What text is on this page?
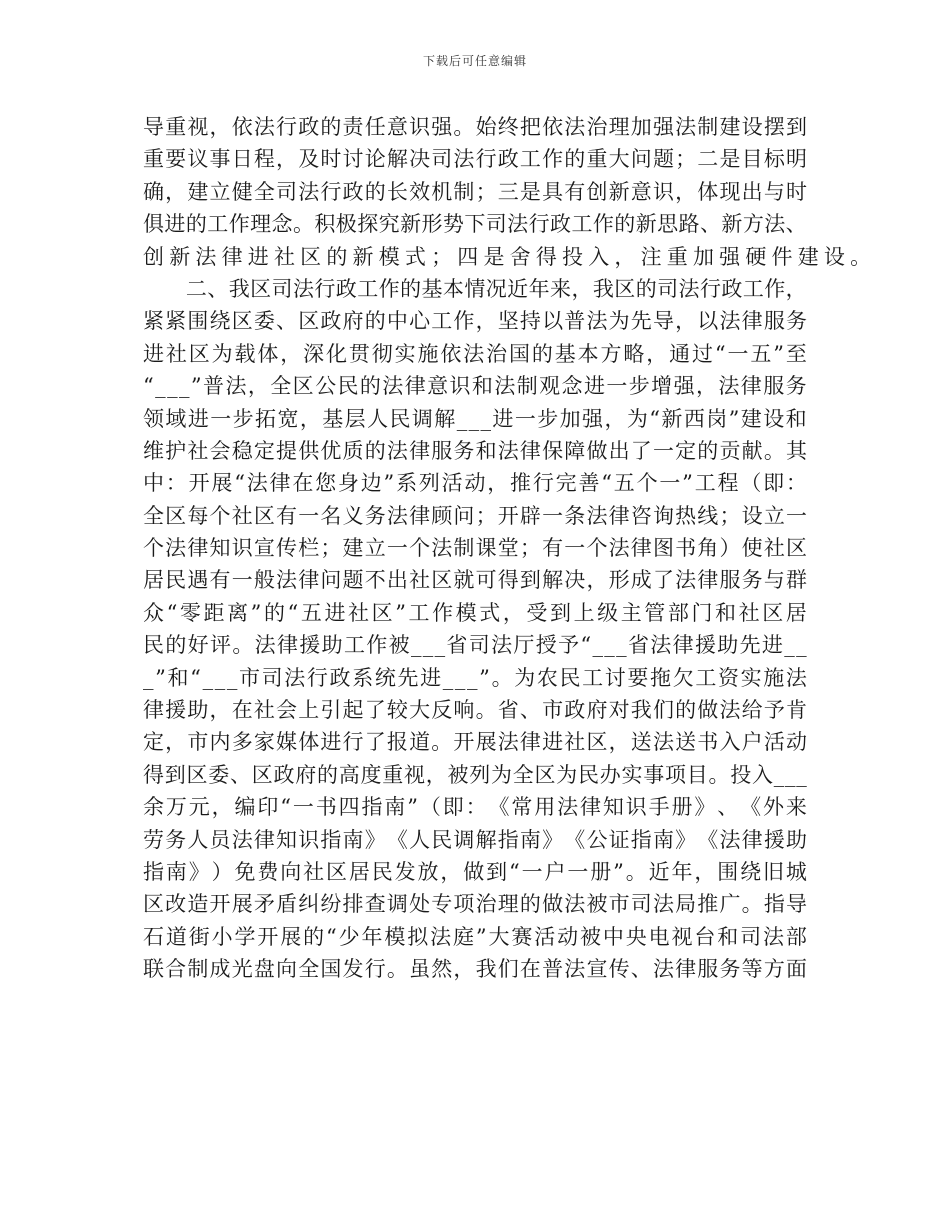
下载后可任意编辑
导 重 视 ， 依 法 行 政 的 责 任 意 识 强 。 始 终 把 依 法 治 理 加 强 法 制 建 设 摆 到
重 要 议 事 日 程 ， 及 时 讨 论 解 决 司 法 行 政 工 作 的 重 大 问 题 ； 二 是 目 标 明
确 ， 建 立 健 全 司 法 行 政 的 长 效 机 制 ； 三 是 具 有 创 新 意 识 ， 体 现 出 与 时
俱 进 的 工 作 理 念 。 积 极 探 究 新 形 势 下 司 法 行 政 工 作 的 新 思 路 、 新 方 法 、
创 新 法 律 进 社 区 的 新 模 式 ； 四 是 舍 得 投 入 ， 注 重 加 强 硬 件 建 设 。

二 、 我 区 司 法 行 政 工 作 的 基 本 情 况 近 年 来 ， 我 区 的 司 法 行 政 工 作 ，
紧 紧 围 绕 区 委 、 区 政 府 的 中 心 工 作 ， 坚 持 以 普 法 为 先 导 ， 以 法 律 服 务
进 社 区 为 载 体 ， 深 化 贯 彻 实 施 依 法 治 国 的 基 本 方 略 ， 通 过 “ 一 五 ” 至
“ _ _ _ ” 普 法 ， 全 区 公 民 的 法 律 意 识 和 法 制 观 念 进 一 步 增 强 ， 法 律 服 务
领 域 进 一 步 拓 宽 ， 基 层 人 民 调 解 _ _ _ 进 一 步 加 强 ， 为 “ 新 西 岗 ” 建 设 和
维 护 社 会 稳 定 提 供 优 质 的 法 律 服 务 和 法 律 保 障 做 出 了 一 定 的 贡 献 。 其
中 ： 开 展 “ 法 律 在 您 身 边 ” 系 列 活 动 ， 推 行 完 善 “ 五 个 一 ” 工 程 （ 即 ：
全 区 每 个 社 区 有 一 名 义 务 法 律 顾 问 ； 开 辟 一 条 法 律 咨 询 热 线 ； 设 立 一
个 法 律 知 识 宣 传 栏 ； 建 立 一 个 法 制 课 堂 ； 有 一 个 法 律 图 书 角 ） 使 社 区
居 民 遇 有 一 般 法 律 问 题 不 出 社 区 就 可 得 到 解 决 ， 形 成 了 法 律 服 务 与 群
众 “ 零 距 离 ” 的 “ 五 进 社 区 ” 工 作 模 式 ， 受 到 上 级 主 管 部 门 和 社 区 居
民 的 好 评 。 法 律 援 助 工 作 被 _ _ _ 省 司 法 厅 授 予 “ _ _ _ 省 法 律 援 助 先 进 _ _
_ ” 和 “ _ _ _ 市 司 法 行 政 系 统 先 进 _ _ _ ” 。 为 农 民 工 讨 要 拖 欠 工 资 实 施 法
律 援 助 ， 在 社 会 上 引 起 了 较 大 反 响 。 省 、 市 政 府 对 我 们 的 做 法 给 予 肯
定 ， 市 内 多 家 媒 体 进 行 了 报 道 。 开 展 法 律 进 社 区 ， 送 法 送 书 入 户 活 动
得 到 区 委 、 区 政 府 的 高 度 重 视 ， 被 列 为 全 区 为 民 办 实 事 项 目 。 投 入 _ _ _
余 万 元 ， 编 印 “ 一 书 四 指 南 ” （ 即 ： 《 常 用 法 律 知 识 手 册 》 、 《 外 来
劳 务 人 员 法 律 知 识 指 南 》 《 人 民 调 解 指 南 》 《 公 证 指 南 》 《 法 律 援 助
指 南 》 ） 免 费 向 社 区 居 民 发 放 ， 做 到 “ 一 户 一 册 ” 。 近 年 ， 围 绕 旧 城
区 改 造 开 展 矛 盾 纠 纷 排 查 调 处 专 项 治 理 的 做 法 被 市 司 法 局 推 广 。 指 导
石 道 街 小 学 开 展 的 “ 少 年 模 拟 法 庭 ” 大 赛 活 动 被 中 央 电 视 台 和 司 法 部
联 合 制 成 光 盘 向 全 国 发 行 。 虽 然 ， 我 们 在 普 法 宣 传 、 法 律 服 务 等 方 面
